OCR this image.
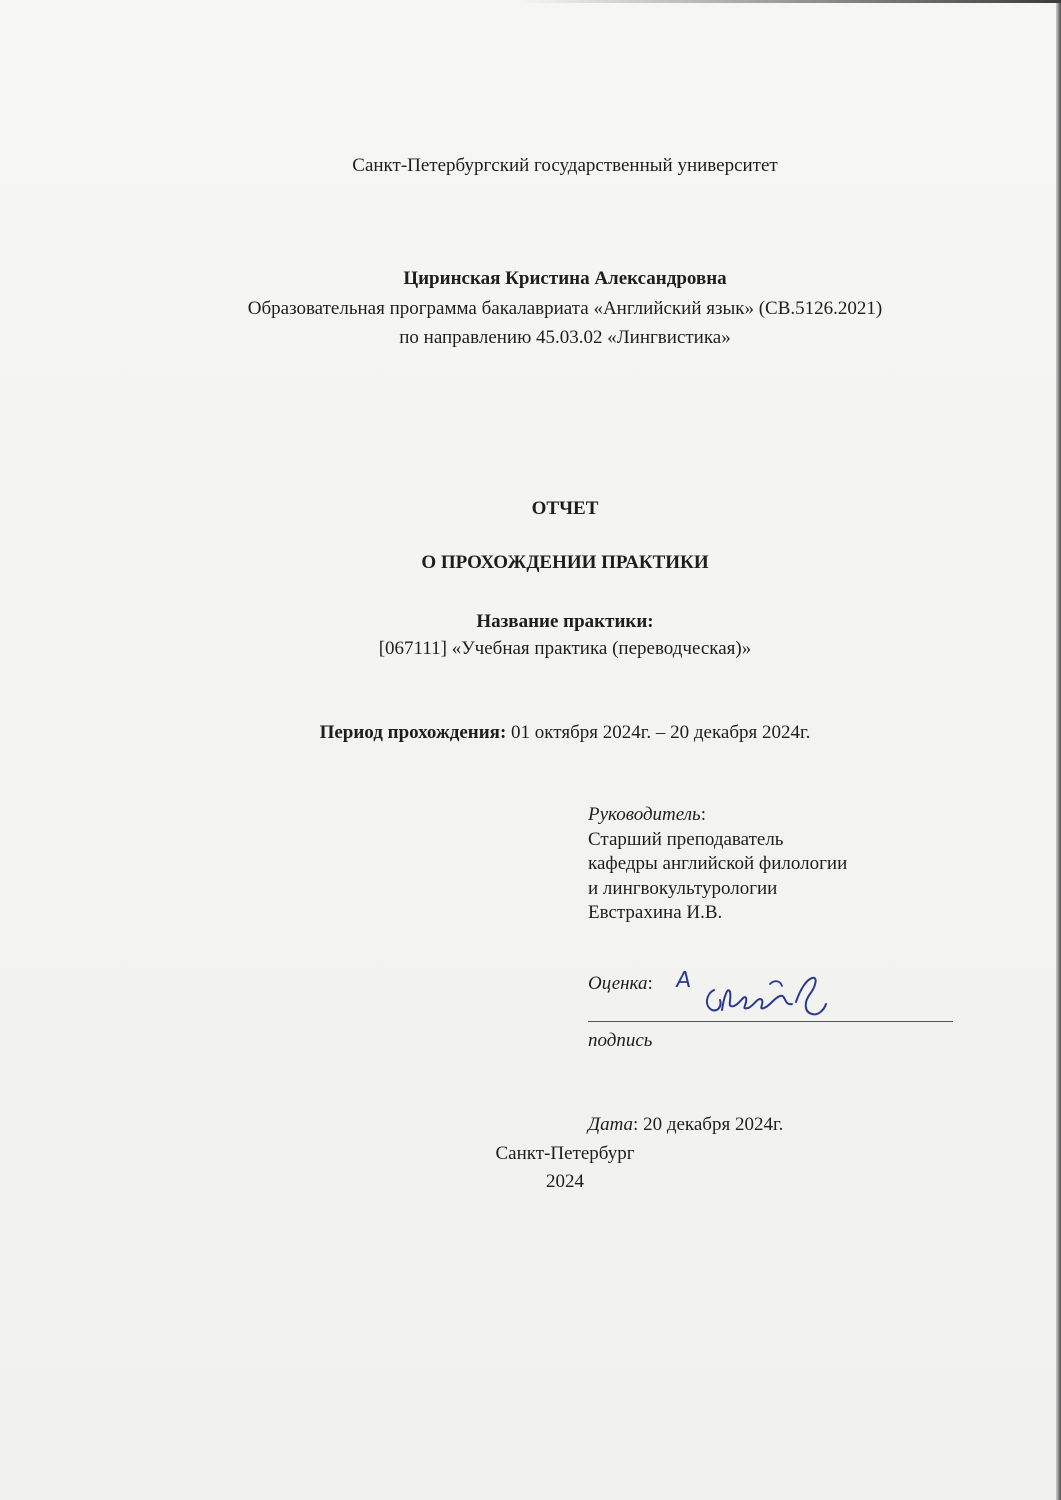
Санкт-Петербургский государственный университет
Циринская Кристина Александровна
Образовательная программа бакалавриата «Английский язык» (СВ.5126.2021)
по направлению 45.03.02 «Лингвистика»
ОТЧЕТ
О ПРОХОЖДЕНИИ ПРАКТИКИ
Название практики:
[067111] «Учебная практика (переводческая)»
Период прохождения: 01 октября 2024г. – 20 декабря 2024г.
Руководитель:
Старший преподаватель
кафедры английской филологии
и лингвокультурологии
Евстрахина И.В.
Оценка: A
подпись
Дата: 20 декабря 2024г.
Санкт-Петербург
2024
